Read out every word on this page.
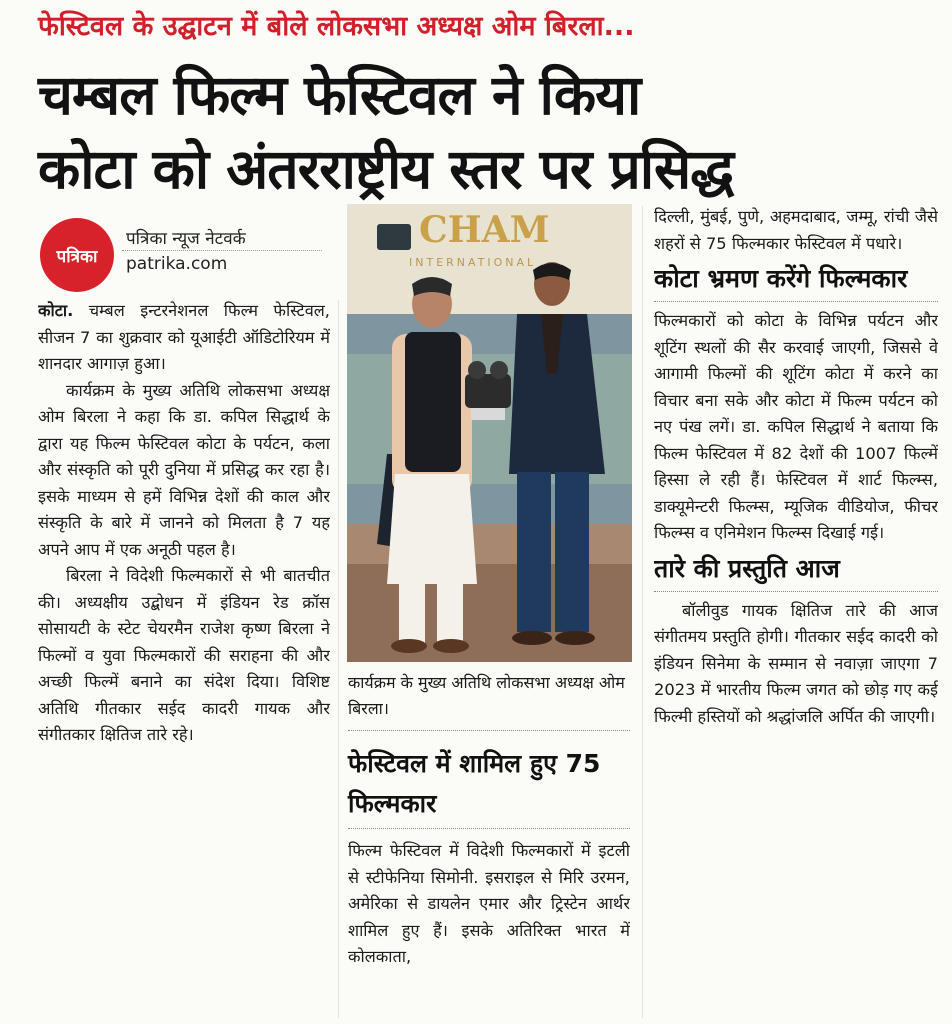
फेस्टिवल के उद्घाटन में बोले लोकसभा अध्यक्ष ओम बिरला...
चम्बल फिल्म फेस्टिवल ने किया
कोटा को अंतरराष्ट्रीय स्तर पर प्रसिद्ध
पत्रिका
पत्रिका न्यूज नेटवर्क
patrika.com

कोटा. चम्बल इन्टरनेशनल फिल्म फेस्टिवल, सीजन 7 का शुक्रवार को यूआईटी ऑडिटोरियम में शानदार आगाज़ हुआ।

कार्यक्रम के मुख्य अतिथि लोकसभा अध्यक्ष ओम बिरला ने कहा कि डा. कपिल सिद्धार्थ के द्वारा यह फिल्म फेस्टिवल कोटा के पर्यटन, कला और संस्कृति को पूरी दुनिया में प्रसिद्ध कर रहा है। इसके माध्यम से हमें विभिन्न देशों की काल और संस्कृति के बारे में जानने को मिलता है 7 यह अपने आप में एक अनूठी पहल है।

बिरला ने विदेशी फिल्मकारों से भी बातचीत की। अध्यक्षीय उद्बोधन में इंडियन रेड क्रॉस सोसायटी के स्टेट चेयरमैन राजेश कृष्ण बिरला ने फिल्मों व युवा फिल्मकारों की सराहना की और अच्छी फिल्में बनाने का संदेश दिया। विशिष्ट अतिथि गीतकार सईद कादरी गायक और संगीतकार क्षितिज तारे रहे।

CHAM
INTERNATIONAL
कार्यक्रम के मुख्य अतिथि लोकसभा अध्यक्ष ओम बिरला।
फेस्टिवल में शामिल हुए 75 फिल्मकार

फिल्म फेस्टिवल में विदेशी फिल्मकारों में इटली से स्टीफेनिया सिमोनी. इसराइल से मिरि उरमन, अमेरिका से डायलेन एमार और ट्रिस्टेन आर्थर शामिल हुए हैं। इसके अतिरिक्त भारत में कोलकाता,

दिल्ली, मुंबई, पुणे, अहमदाबाद, जम्मू, रांची जैसे शहरों से 75 फिल्मकार फेस्टिवल में पधारे।

कोटा भ्रमण करेंगे फिल्मकार

फिल्मकारों को कोटा के विभिन्न पर्यटन और शूटिंग स्थलों की सैर करवाई जाएगी, जिससे वे आगामी फिल्मों की शूटिंग कोटा में करने का विचार बना सके और कोटा में फिल्म पर्यटन को नए पंख लगें। डा. कपिल सिद्धार्थ ने बताया कि फिल्म फेस्टिवल में 82 देशों की 1007 फिल्में हिस्सा ले रही हैं। फेस्टिवल में शार्ट फिल्म्स, डाक्यूमेन्टरी फिल्म्स, म्यूजिक वीडियोज, फीचर फिल्म्स व एनिमेशन फिल्म्स दिखाई गई।

तारे की प्रस्तुति आज

बॉलीवुड गायक क्षितिज तारे की आज संगीतमय प्रस्तुति होगी। गीतकार सईद कादरी को इंडियन सिनेमा के सम्मान से नवाज़ा जाएगा 7 2023 में भारतीय फिल्म जगत को छोड़ गए कई फिल्मी हस्तियों को श्रद्धांजलि अर्पित की जाएगी।
